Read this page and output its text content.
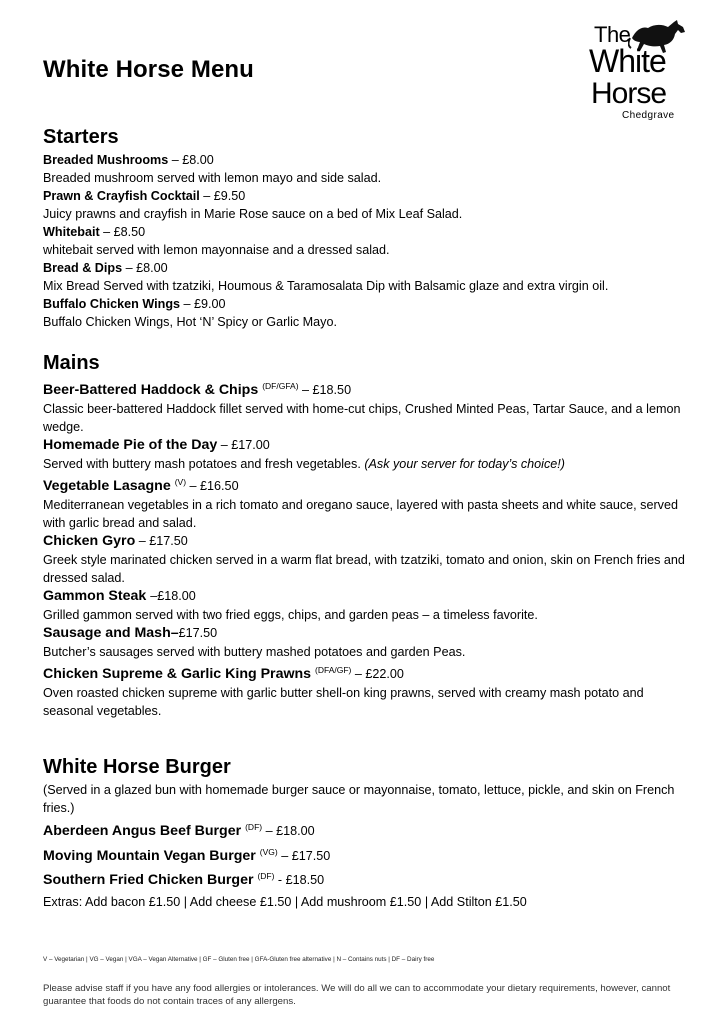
White Horse Menu
The
White
Horse
Chedgrave
Starters
Breaded Mushrooms – £8.00
Breaded mushroom served with lemon mayo and side salad.
Prawn & Crayfish Cocktail – £9.50
Juicy prawns and crayfish in Marie Rose sauce on a bed of Mix Leaf Salad.
Whitebait – £8.50
whitebait served with lemon mayonnaise and a dressed salad.
Bread & Dips – £8.00
Mix Bread Served with tzatziki, Houmous & Taramosalata Dip with Balsamic glaze and extra virgin oil.
Buffalo Chicken Wings – £9.00
Buffalo Chicken Wings, Hot ‘N’ Spicy or Garlic Mayo.
Mains
Beer-Battered Haddock & Chips $^{(DF/GFA)}$ – £18.50
Classic beer-battered Haddock fillet served with home-cut chips, Crushed Minted Peas, Tartar Sauce, and a lemon wedge.
Homemade Pie of the Day – £17.00
Served with buttery mash potatoes and fresh vegetables. (Ask your server for today’s choice!)
Vegetable Lasagne $^{(V)}$ – £16.50
Mediterranean vegetables in a rich tomato and oregano sauce, layered with pasta sheets and white sauce, served with garlic bread and salad.
Chicken Gyro – £17.50
Greek style marinated chicken served in a warm flat bread, with tzatziki, tomato and onion, skin on French fries and dressed salad.
Gammon Steak –£18.00
Grilled gammon served with two fried eggs, chips, and garden peas – a timeless favorite.
Sausage and Mash–£17.50
Butcher’s sausages served with buttery mashed potatoes and garden Peas.
Chicken Supreme & Garlic King Prawns $^{(DFA/GF)}$ – £22.00
Oven roasted chicken supreme with garlic butter shell-on king prawns, served with creamy mash potato and seasonal vegetables.
White Horse Burger
(Served in a glazed bun with homemade burger sauce or mayonnaise, tomato, lettuce, pickle, and skin on French fries.)
Aberdeen Angus Beef Burger $^{(DF)}$ – £18.00
Moving Mountain Vegan Burger $^{(VG)}$ – £17.50
Southern Fried Chicken Burger $^{(DF)}$ - £18.50
Extras: Add bacon £1.50 | Add cheese £1.50 | Add mushroom £1.50 | Add Stilton £1.50
V – Vegetarian | VG – Vegan | VGA – Vegan Alternative | GF – Gluten free | GFA-Gluten free alternative | N – Contains nuts | DF – Dairy free
Please advise staff if you have any food allergies or intolerances. We will do all we can to accommodate your dietary requirements, however, cannot guarantee that foods do not contain traces of any allergens.
